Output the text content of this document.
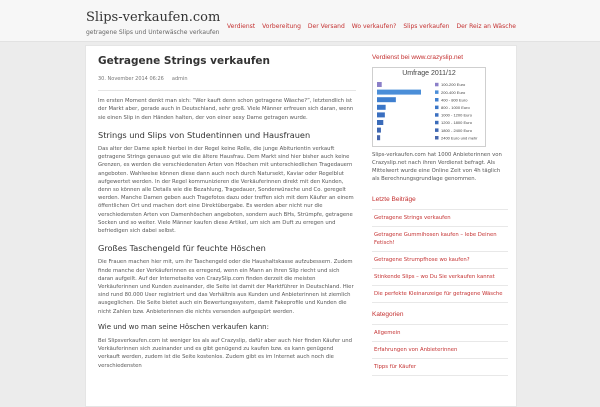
Slips-verkaufen.com
getragene Slips und Unterwäsche verkaufen
Verdienst Vorbereitung Der Versand Wo verkaufen? Slips verkaufen Der Reiz an Wäsche
Getragene Strings verkaufen
30. November 2014 06:26 admin

Im ersten Moment denkt man sich: “Wer kauft denn schon getragene Wäsche?”, letztendlich ist der Markt aber, gerade auch in Deutschland, sehr groß. Viele Männer erfreuen sich daran, wenn sie einen Slip in den Händen halten, der von einer sexy Dame getragen wurde.

Strings und Slips von Studentinnen und Hausfrauen

Das alter der Dame spielt hierbei in der Regel keine Rolle, die junge Abiturientin verkauft getragene Strings genauso gut wie die ältere Hausfrau. Dem Markt sind hier bisher auch keine Grenzen, es werden die verschiedensten Arten von Höschen mit unterschiedlichen Tragedauern angeboten. Wahlweise können diese dann auch noch durch Natursekt, Kaviar oder Regelblut aufgewertet werden. In der Regel kommunizieren die Verkäuferinnen direkt mit den Kunden, denn so können alle Details wie die Bezahlung, Tragedauer, Sonderwünsche und Co. geregelt werden. Manche Damen geben auch Tragefotos dazu oder treffen sich mit dem Käufer an einem öffentlichen Ort und machen dort eine Direktübergabe. Es werden aber nicht nur die verschiedensten Arten von Damenhöschen angeboten, sondern auch BHs, Strümpfe, getragene Socken und so weiter. Viele Männer kaufen diese Artikel, um sich am Duft zu erregen und befriedigen sich dabei selbst.

Großes Taschengeld für feuchte Höschen

Die Frauen machen hier mit, um ihr Taschengeld oder die Haushaltskasse aufzubessern. Zudem finde manche der Verkäuferinnen es erregend, wenn ein Mann an ihren Slip riecht und sich daran aufgeilt. Auf der Internetseite von CrazySlip.com finden derzeit die meisten Verkäuferinnen und Kunden zueinander, die Seite ist damit der Marktführer in Deutschland. Hier sind rund 80.000 User registriert und das Verhältnis aus Kunden und Anbieterinnen ist ziemlich ausgeglichen. Die Seite bietet auch ein Bewertungssystem, damit Fakeprofile und Kunden die nicht Zahlen bzw. Anbieterinnen die nichts versenden aufgespürt werden.

Wie und wo man seine Höschen verkaufen kann:

Bei Slipsverkaufen.com ist weniger los als auf Crazyslip, dafür aber auch hier finden Käufer und Verkäuferinnen sich zueinander und es gibt genügend zu kaufen bzw. es kann genügend verkauft werden, zudem ist die Seite kostenlos. Zudem gibt es im Internet auch noch die verschiedensten

Verdienst bei www.crazyslip.net
Umfrage 2011/12
100-200 Euro
200-400 Euro
400 - 800 Euro
800 - 1000 Euro
1000 - 1200 Euro
1200 - 1800 Euro
1800 - 2400 Euro
2400 Euro und mehr

Slips-verkaufen.com hat 1000 Anbieterinnen von Crazyslip.net nach ihren Verdienst befragt. Als Mittelwert wurde eine Online Zeit von 4h täglich als Berechnungsgrundlage genommen.

Letzte Beiträge
Getragene Strings verkaufen
Getragene Gummihosen kaufen – lebe Deinen Fetisch!
Getragene Strumpfhose wo kaufen?
Stinkende Slips – wo Du Sie verkaufen kannst
Die perfekte Kleinanzeige für getragene Wäsche
Kategorien
Allgemein
Erfahrungen von Anbieterinnen
Tipps für Käufer
